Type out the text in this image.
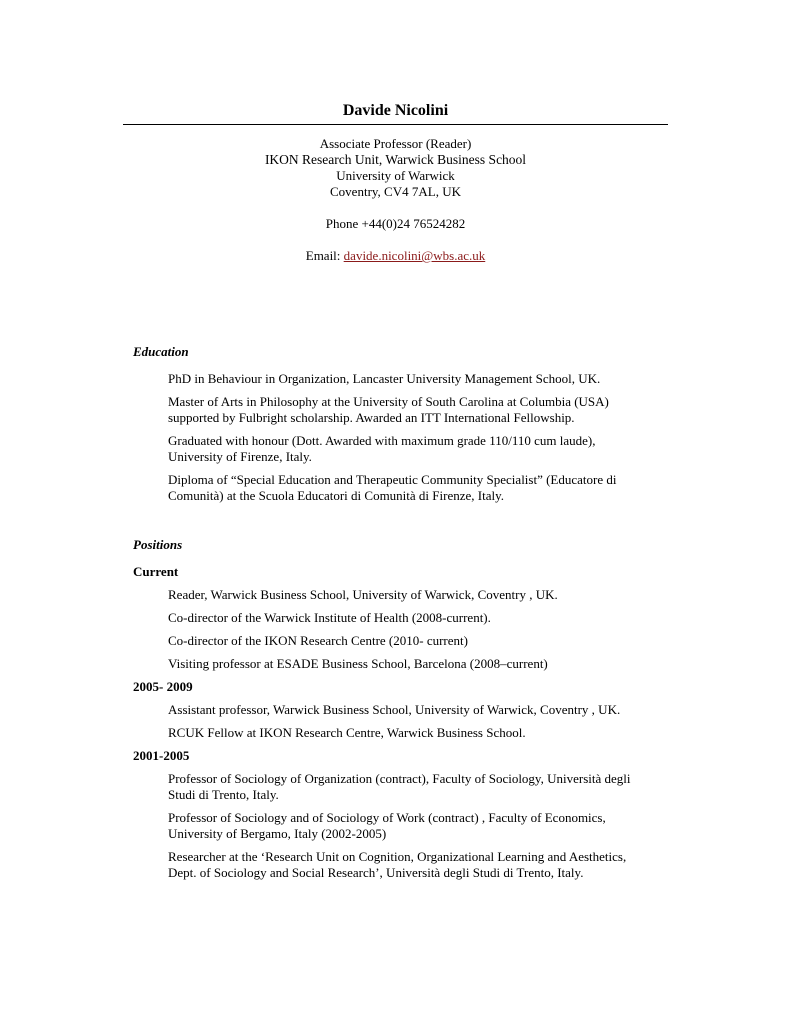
Davide Nicolini
Associate Professor (Reader)
IKON Research Unit, Warwick Business School
University of Warwick
Coventry, CV4 7AL, UK
Phone +44(0)24 76524282
Email: davide.nicolini@wbs.ac.uk
Education
PhD in Behaviour in Organization, Lancaster University Management School, UK.
Master of Arts in Philosophy at the University of South Carolina at Columbia (USA) supported by Fulbright scholarship. Awarded an ITT International Fellowship.
Graduated with honour (Dott. Awarded with maximum grade 110/110 cum laude), University of Firenze, Italy.
Diploma of “Special Education and Therapeutic Community Specialist” (Educatore di Comunità) at the Scuola Educatori di Comunità di Firenze, Italy.
Positions
Current
Reader, Warwick Business School, University of Warwick, Coventry , UK.
Co-director of the Warwick Institute of Health (2008-current).
Co-director of the IKON Research Centre (2010- current)
Visiting professor at ESADE Business School, Barcelona (2008–current)
2005- 2009
Assistant professor, Warwick Business School, University of Warwick, Coventry , UK.
RCUK Fellow at IKON Research Centre, Warwick Business School.
2001-2005
Professor of Sociology of Organization (contract), Faculty of Sociology, Università degli Studi di Trento, Italy.
Professor of Sociology and of Sociology of Work (contract) , Faculty of Economics, University of Bergamo, Italy (2002-2005)
Researcher at the ‘Research Unit on Cognition, Organizational Learning and Aesthetics, Dept. of Sociology and Social Research’, Università degli Studi di Trento, Italy.
